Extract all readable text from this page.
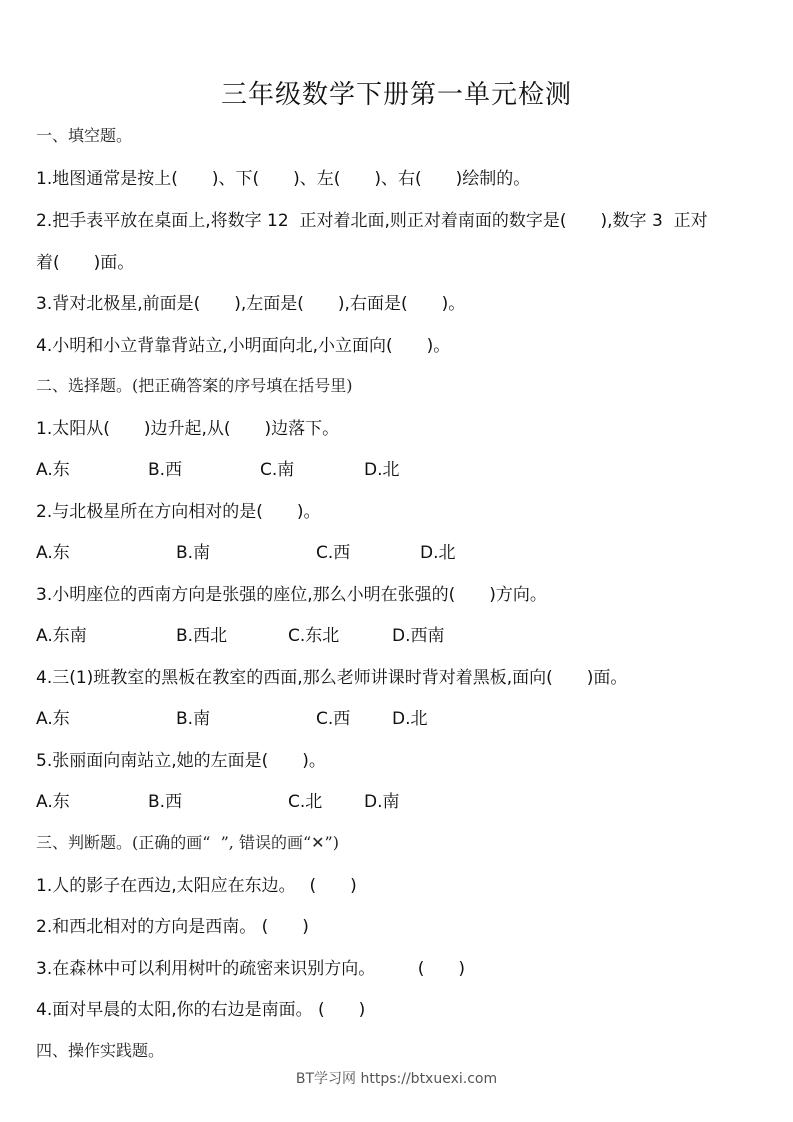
三年级数学下册第一单元检测
一、填空题。
1.地图通常是按上(　　)、下(　　)、左(　　)、右(　　)绘制的。
2.把手表平放在桌面上,将数字 12  正对着北面,则正对着南面的数字是(　　),数字 3  正对
着(　　)面。
3.背对北极星,前面是(　　),左面是(　　),右面是(　　)。
4.小明和小立背靠背站立,小明面向北,小立面向(　　)。
二、选择题。(把正确答案的序号填在括号里)
1.太阳从(　　)边升起,从(　　)边落下。
A.东	B.西	C.南	D.北
2.与北极星所在方向相对的是(　　)。
A.东	B.南	C.西	D.北
3.小明座位的西南方向是张强的座位,那么小明在张强的(　　)方向。
A.东南	B.西北	C.东北	D.西南
4.三(1)班教室的黑板在教室的西面,那么老师讲课时背对着黑板,面向(　　)面。
A.东	B.南	C.西 D.北
5.张丽面向南站立,她的左面是(　　)。
A.东	B.西	C.北 D.南
三、判断题。(正确的画“  ”, 错误的画“✕”)
1.人的影子在西边,太阳应在东边。　 (　　)
2.和西北相对的方向是西南。 (　　)
3.在森林中可以利用树叶的疏密来识别方向。　　　(　　)
4.面对早晨的太阳,你的右边是南面。 (　　)
四、操作实践题。
BT学习网 https://btxuexi.com
